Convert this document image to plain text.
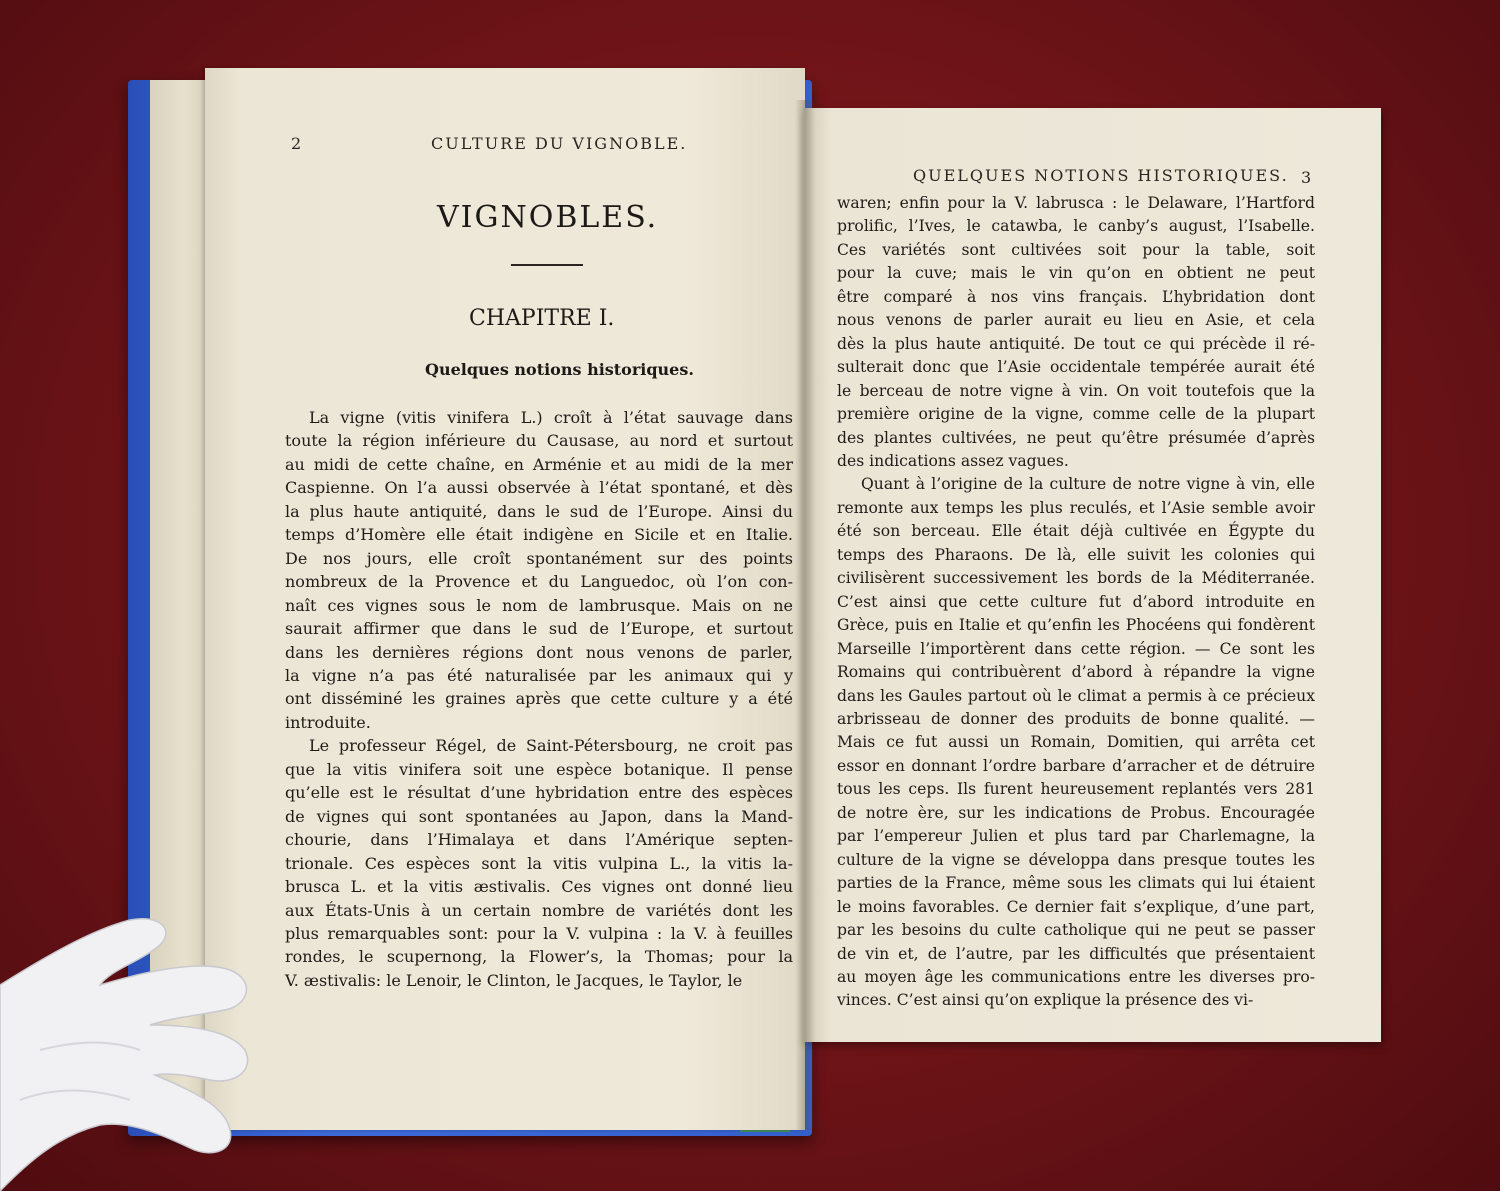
2	CULTURE DU VIGNOBLE.
VIGNOBLES.
CHAPITRE I.
Quelques notions historiques.
La vigne (vitis vinifera L.) croît à l’état sauvage dans
toute la région inférieure du Causase, au nord et surtout
au midi de cette chaîne, en Arménie et au midi de la mer
Caspienne. On l’a aussi observée à l’état spontané, et dès
la plus haute antiquité, dans le sud de l’Europe. Ainsi du
temps d’Homère elle était indigène en Sicile et en Italie.
De nos jours, elle croît spontanément sur des points
nombreux de la Provence et du Languedoc, où l’on con-
naît ces vignes sous le nom de lambrusque. Mais on ne
saurait affirmer que dans le sud de l’Europe, et surtout
dans les dernières régions dont nous venons de parler,
la vigne n’a pas été naturalisée par les animaux qui y
ont disséminé les graines après que cette culture y a été
introduite.
Le professeur Régel, de Saint-Pétersbourg, ne croit pas
que la vitis vinifera soit une espèce botanique. Il pense
qu’elle est le résultat d’une hybridation entre des espèces
de vignes qui sont spontanées au Japon, dans la Mand-
chourie, dans l’Himalaya et dans l’Amérique septen-
trionale. Ces espèces sont la vitis vulpina L., la vitis la-
brusca L. et la vitis æstivalis. Ces vignes ont donné lieu
aux États-Unis à un certain nombre de variétés dont les
plus remarquables sont: pour la V. vulpina : la V. à feuilles
rondes, le scupernong, la Flower’s, la Thomas; pour la
V. æstivalis: le Lenoir, le Clinton, le Jacques, le Taylor, le
QUELQUES NOTIONS HISTORIQUES. 3
waren; enfin pour la V. labrusca : le Delaware, l’Hartford
prolific, l’Ives, le catawba, le canby’s august, l’Isabelle.
Ces variétés sont cultivées soit pour la table, soit
pour la cuve; mais le vin qu’on en obtient ne peut
être comparé à nos vins français. L’hybridation dont
nous venons de parler aurait eu lieu en Asie, et cela
dès la plus haute antiquité. De tout ce qui précède il ré-
sulterait donc que l’Asie occidentale tempérée aurait été
le berceau de notre vigne à vin. On voit toutefois que la
première origine de la vigne, comme celle de la plupart
des plantes cultivées, ne peut qu’être présumée d’après
des indications assez vagues.
Quant à l’origine de la culture de notre vigne à vin, elle
remonte aux temps les plus reculés, et l’Asie semble avoir
été son berceau. Elle était déjà cultivée en Égypte du
temps des Pharaons. De là, elle suivit les colonies qui
civilisèrent successivement les bords de la Méditerranée.
C’est ainsi que cette culture fut d’abord introduite en
Grèce, puis en Italie et qu’enfin les Phocéens qui fondèrent
Marseille l’importèrent dans cette région. — Ce sont les
Romains qui contribuèrent d’abord à répandre la vigne
dans les Gaules partout où le climat a permis à ce précieux
arbrisseau de donner des produits de bonne qualité. —
Mais ce fut aussi un Romain, Domitien, qui arrêta cet
essor en donnant l’ordre barbare d’arracher et de détruire
tous les ceps. Ils furent heureusement replantés vers 281
de notre ère, sur les indications de Probus. Encouragée
par l’empereur Julien et plus tard par Charlemagne, la
culture de la vigne se développa dans presque toutes les
parties de la France, même sous les climats qui lui étaient
le moins favorables. Ce dernier fait s’explique, d’une part,
par les besoins du culte catholique qui ne peut se passer
de vin et, de l’autre, par les difficultés que présentaient
au moyen âge les communications entre les diverses pro-
vinces. C’est ainsi qu’on explique la présence des vi-
